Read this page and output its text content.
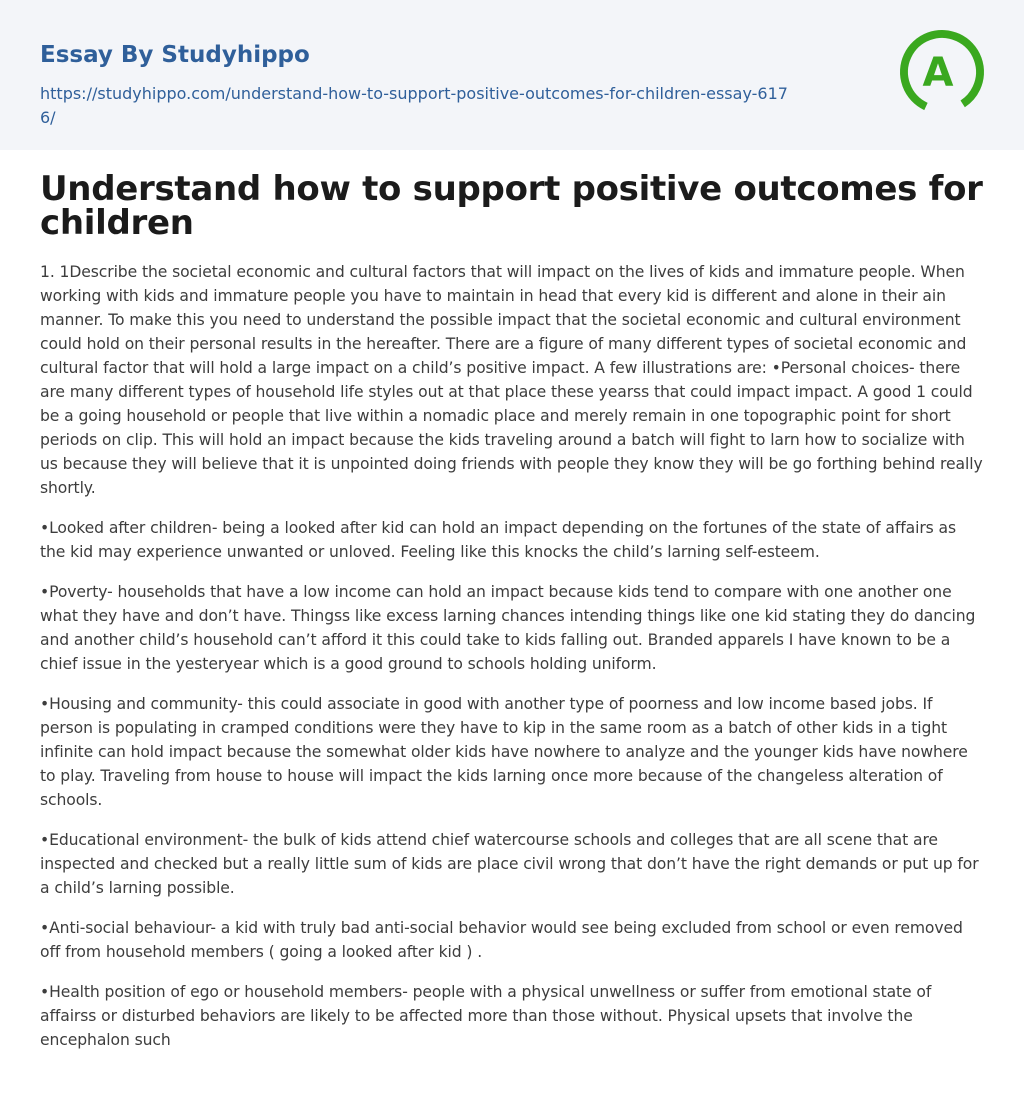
Essay By Studyhippo
https://studyhippo.com/understand-how-to-support-positive-outcomes-for-children-essay-6176/
A
Understand how to support positive outcomes for children

1. 1Describe the societal economic and cultural factors that will impact on the lives of kids and immature people. When working with kids and immature people you have to maintain in head that every kid is different and alone in their ain manner. To make this you need to understand the possible impact that the societal economic and cultural environment could hold on their personal results in the hereafter. There are a figure of many different types of societal economic and cultural factor that will hold a large impact on a child’s positive impact. A few illustrations are: •Personal choices- there are many different types of household life styles out at that place these yearss that could impact impact. A good 1 could be a going household or people that live within a nomadic place and merely remain in one topographic point for short periods on clip. This will hold an impact because the kids traveling around a batch will fight to larn how to socialize with us because they will believe that it is unpointed doing friends with people they know they will be go forthing behind really shortly.

•Looked after children- being a looked after kid can hold an impact depending on the fortunes of the state of affairs as the kid may experience unwanted or unloved. Feeling like this knocks the child’s larning self-esteem.

•Poverty- households that have a low income can hold an impact because kids tend to compare with one another one what they have and don’t have. Thingss like excess larning chances intending things like one kid stating they do dancing and another child’s household can’t afford it this could take to kids falling out. Branded apparels I have known to be a chief issue in the yesteryear which is a good ground to schools holding uniform.

•Housing and community- this could associate in good with another type of poorness and low income based jobs. If person is populating in cramped conditions were they have to kip in the same room as a batch of other kids in a tight infinite can hold impact because the somewhat older kids have nowhere to analyze and the younger kids have nowhere to play. Traveling from house to house will impact the kids larning once more because of the changeless alteration of schools.

•Educational environment- the bulk of kids attend chief watercourse schools and colleges that are all scene that are inspected and checked but a really little sum of kids are place civil wrong that don’t have the right demands or put up for a child’s larning possible.

•Anti-social behaviour- a kid with truly bad anti-social behavior would see being excluded from school or even removed off from household members ( going a looked after kid ) .

•Health position of ego or household members- people with a physical unwellness or suffer from emotional state of affairss or disturbed behaviors are likely to be affected more than those without. Physical upsets that involve the encephalon such
